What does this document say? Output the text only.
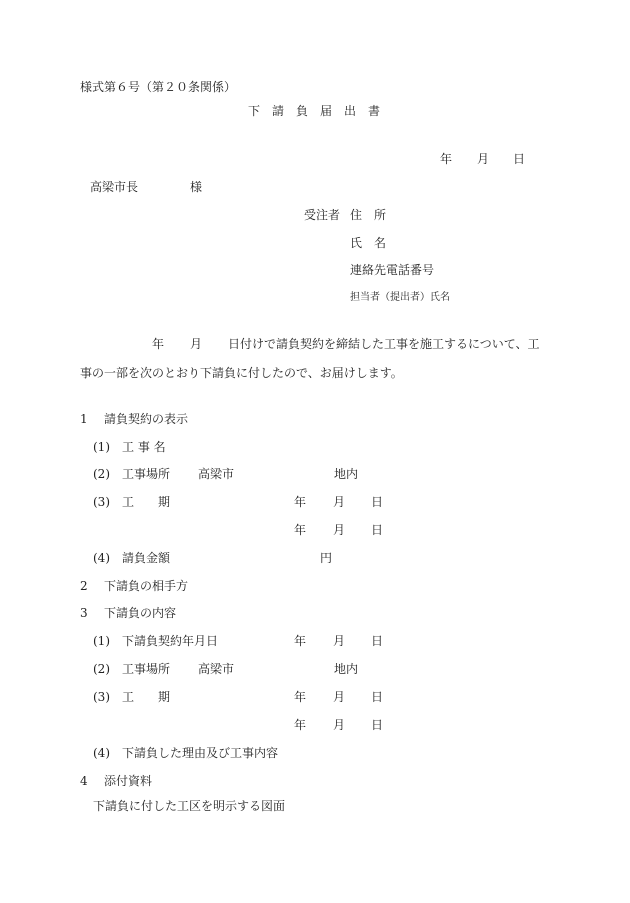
様式第６号（第２０条関係）
下　請　負　届　出　書
年 月 日
高梁市長	様
受注者 住　所
氏　名
連絡先電話番号
担当者（提出者）氏名
年 月 日付けで請負契約を締結した工事を施工するについて、工
事の一部を次のとおり下請負に付したので、お届けします。
1 請負契約の表示
(1) 工 事 名
(2) 工事場所 高梁市	地内
(3) 工　　期	年 月 日
年 月 日
(4) 請負金額	円
2 下請負の相手方
3 下請負の内容
(1) 下請負契約年月日	年 月 日
(2) 工事場所 高梁市	地内
(3) 工　　期	年 月 日
年 月 日
(4) 下請負した理由及び工事内容
4 添付資料
下請負に付した工区を明示する図面
